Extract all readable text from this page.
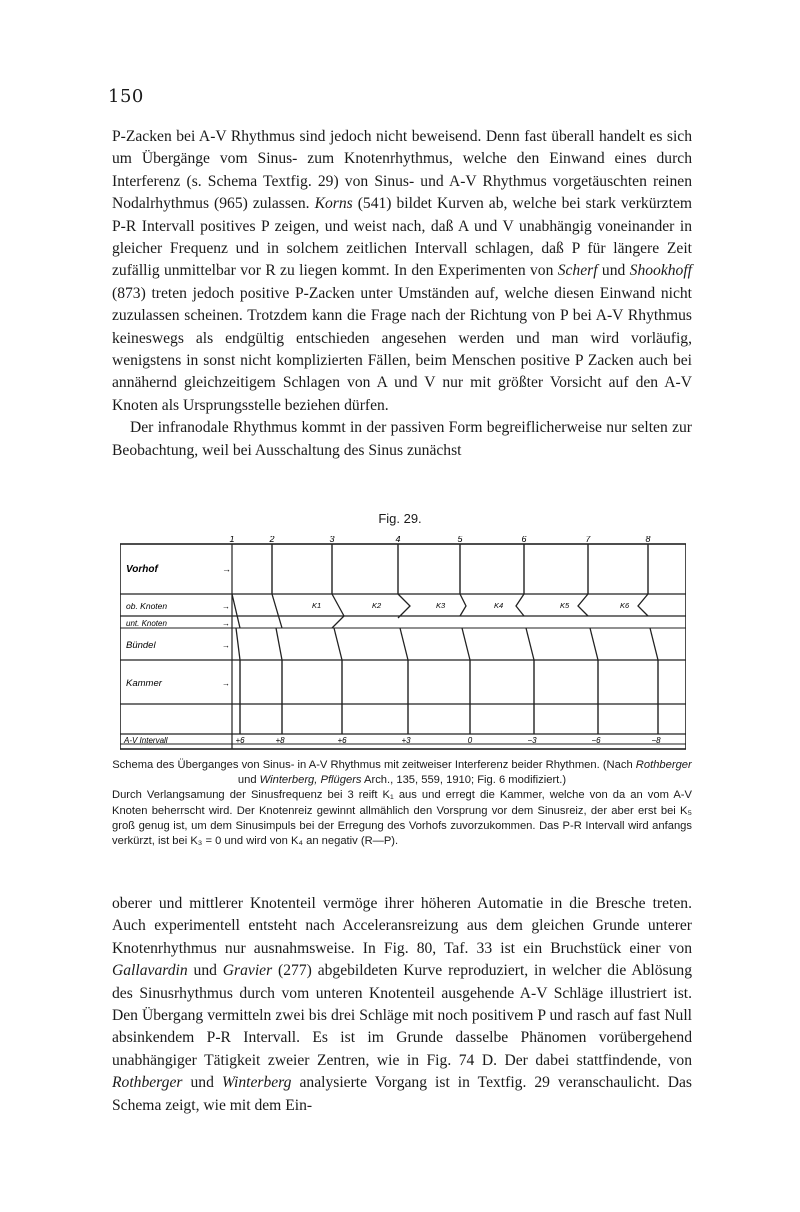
150
P-Zacken bei A-V Rhythmus sind jedoch nicht beweisend. Denn fast überall handelt es sich um Übergänge vom Sinus- zum Knotenrhythmus, welche den Einwand eines durch Interferenz (s. Schema Textfig. 29) von Sinus- und A-V Rhythmus vorgetäuschten reinen Nodalrhythmus (965) zulassen. Korns (541) bildet Kurven ab, welche bei stark verkürztem P-R Intervall positives P zeigen, und weist nach, daß A und V unabhängig voneinander in gleicher Frequenz und in solchem zeitlichen Intervall schlagen, daß P für längere Zeit zufällig unmittelbar vor R zu liegen kommt. In den Experimenten von Scherf und Shookhoff (873) treten jedoch positive P-Zacken unter Umständen auf, welche diesen Einwand nicht zuzulassen scheinen. Trotzdem kann die Frage nach der Richtung von P bei A-V Rhythmus keineswegs als endgültig entschieden angesehen werden und man wird vorläufig, wenigstens in sonst nicht komplizierten Fällen, beim Menschen positive P Zacken auch bei annähernd gleichzeitigem Schlagen von A und V nur mit größter Vorsicht auf den A-V Knoten als Ursprungsstelle beziehen dürfen.
Der infranodale Rhythmus kommt in der passiven Form begreiflicherweise nur selten zur Beobachtung, weil bei Ausschaltung des Sinus zunächst
Fig. 29.
1	2	3	4	5	6	7	8
Vorhof
ob. Knoten
unt. Knoten
Bündel
Kammer
A-V Intervall
→
→
→
→
→
K1	K2	K3	K4	K5	K6
+6	+8	+6	+3	0	−3	−6	−8
Schema des Überganges von Sinus- in A-V Rhythmus mit zeitweiser Interferenz beider Rhythmen. (Nach Rothberger und Winterberg, Pflügers Arch., 135, 559, 1910; Fig. 6 modifiziert.)
Durch Verlangsamung der Sinusfrequenz bei 3 reift K₁ aus und erregt die Kammer, welche von da an vom A-V Knoten beherrscht wird. Der Knotenreiz gewinnt allmählich den Vorsprung vor dem Sinusreiz, der aber erst bei K₅ groß genug ist, um dem Sinusimpuls bei der Erregung des Vorhofs zuvorzukommen. Das P-R Intervall wird anfangs verkürzt, ist bei K₃ = 0 und wird von K₄ an negativ (R—P).
oberer und mittlerer Knotenteil vermöge ihrer höheren Automatie in die Bresche treten. Auch experimentell entsteht nach Acceleransreizung aus dem gleichen Grunde unterer Knotenrhythmus nur ausnahmsweise. In Fig. 80, Taf. 33 ist ein Bruchstück einer von Gallavardin und Gravier (277) abgebildeten Kurve reproduziert, in welcher die Ablösung des Sinusrhythmus durch vom unteren Knotenteil ausgehende A-V Schläge illustriert ist. Den Übergang vermitteln zwei bis drei Schläge mit noch positivem P und rasch auf fast Null absinkendem P-R Intervall. Es ist im Grunde dasselbe Phänomen vorübergehend unabhängiger Tätigkeit zweier Zentren, wie in Fig. 74 D. Der dabei stattfindende, von Rothberger und Winterberg analysierte Vorgang ist in Textfig. 29 veranschaulicht. Das Schema zeigt, wie mit dem Ein-
